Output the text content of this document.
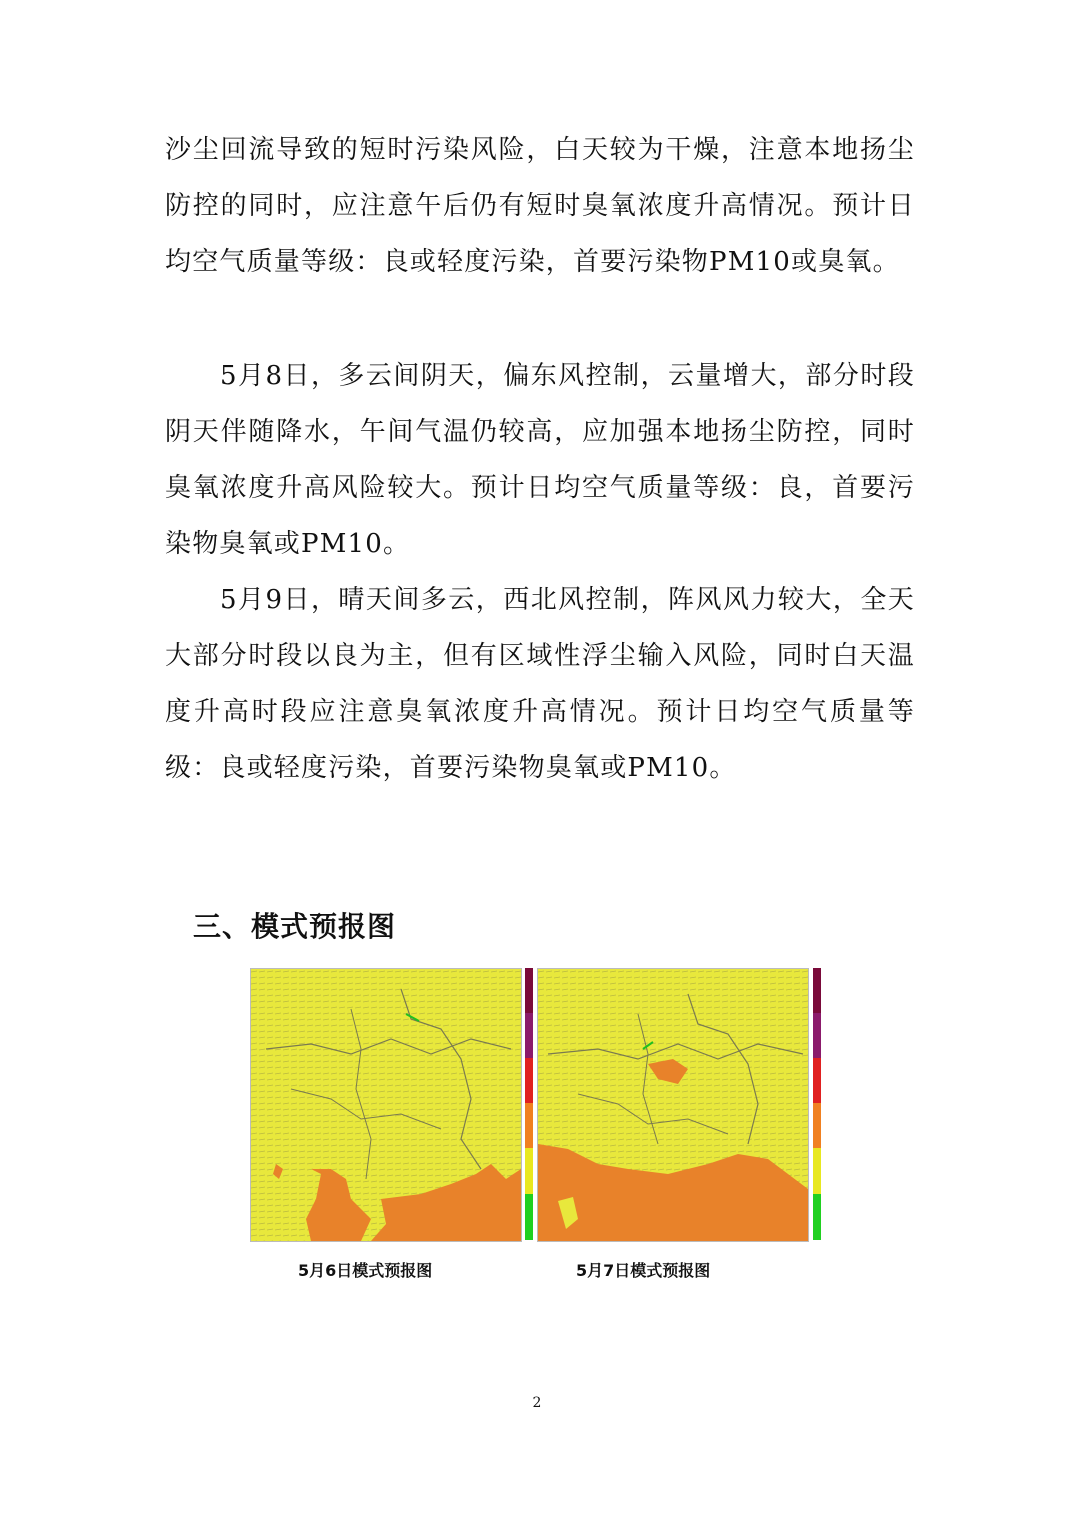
沙尘回流导致的短时污染风险，白天较为干燥，注意本地扬尘防控的同时，应注意午后仍有短时臭氧浓度升高情况。预计日均空气质量等级：良或轻度污染，首要污染物PM10或臭氧。

5月8日，多云间阴天，偏东风控制，云量增大，部分时段阴天伴随降水，午间气温仍较高，应加强本地扬尘防控，同时臭氧浓度升高风险较大。预计日均空气质量等级：良，首要污染物臭氧或PM10。

5月9日，晴天间多云，西北风控制，阵风风力较大，全天大部分时段以良为主，但有区域性浮尘输入风险，同时白天温度升高时段应注意臭氧浓度升高情况。预计日均空气质量等级：良或轻度污染，首要污染物臭氧或PM10。

三、模式预报图

5月6日模式预报图	5月7日模式预报图

2
